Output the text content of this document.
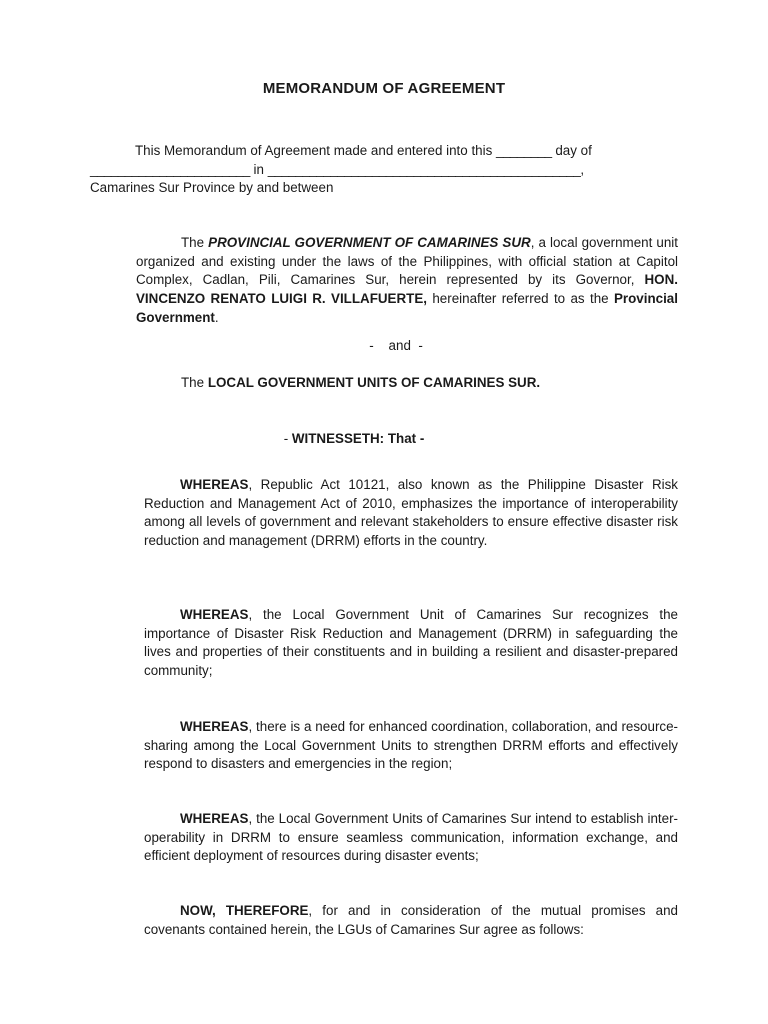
MEMORANDUM OF AGREEMENT

This Memorandum of Agreement made and entered into this ________ day of
_______________________ in _____________________________________________,
Camarines Sur Province by and between

The PROVINCIAL GOVERNMENT OF CAMARINES SUR, a local government unit organized and existing under the laws of the Philippines, with official station at Capitol Complex, Cadlan, Pili, Camarines Sur, herein represented by its Governor, HON. VINCENZO RENATO LUIGI R. VILLAFUERTE, hereinafter referred to as the Provincial Government.

-    and  -

The LOCAL GOVERNMENT UNITS OF CAMARINES SUR.

- WITNESSETH: That -

WHEREAS, Republic Act 10121, also known as the Philippine Disaster Risk Reduction and Management Act of 2010, emphasizes the importance of interoperability among all levels of government and relevant stakeholders to ensure effective disaster risk reduction and management (DRRM) efforts in the country.

WHEREAS, the Local Government Unit of Camarines Sur recognizes the importance of Disaster Risk Reduction and Management (DRRM) in safeguarding the lives and properties of their constituents and in building a resilient and disaster-prepared community;

WHEREAS, there is a need for enhanced coordination, collaboration, and resource-sharing among the Local Government Units to strengthen DRRM efforts and effectively respond to disasters and emergencies in the region;

WHEREAS, the Local Government Units of Camarines Sur intend to establish inter-operability in DRRM to ensure seamless communication, information exchange, and efficient deployment of resources during disaster events;

NOW, THEREFORE, for and in consideration of the mutual promises and covenants contained herein, the LGUs of Camarines Sur agree as follows:
